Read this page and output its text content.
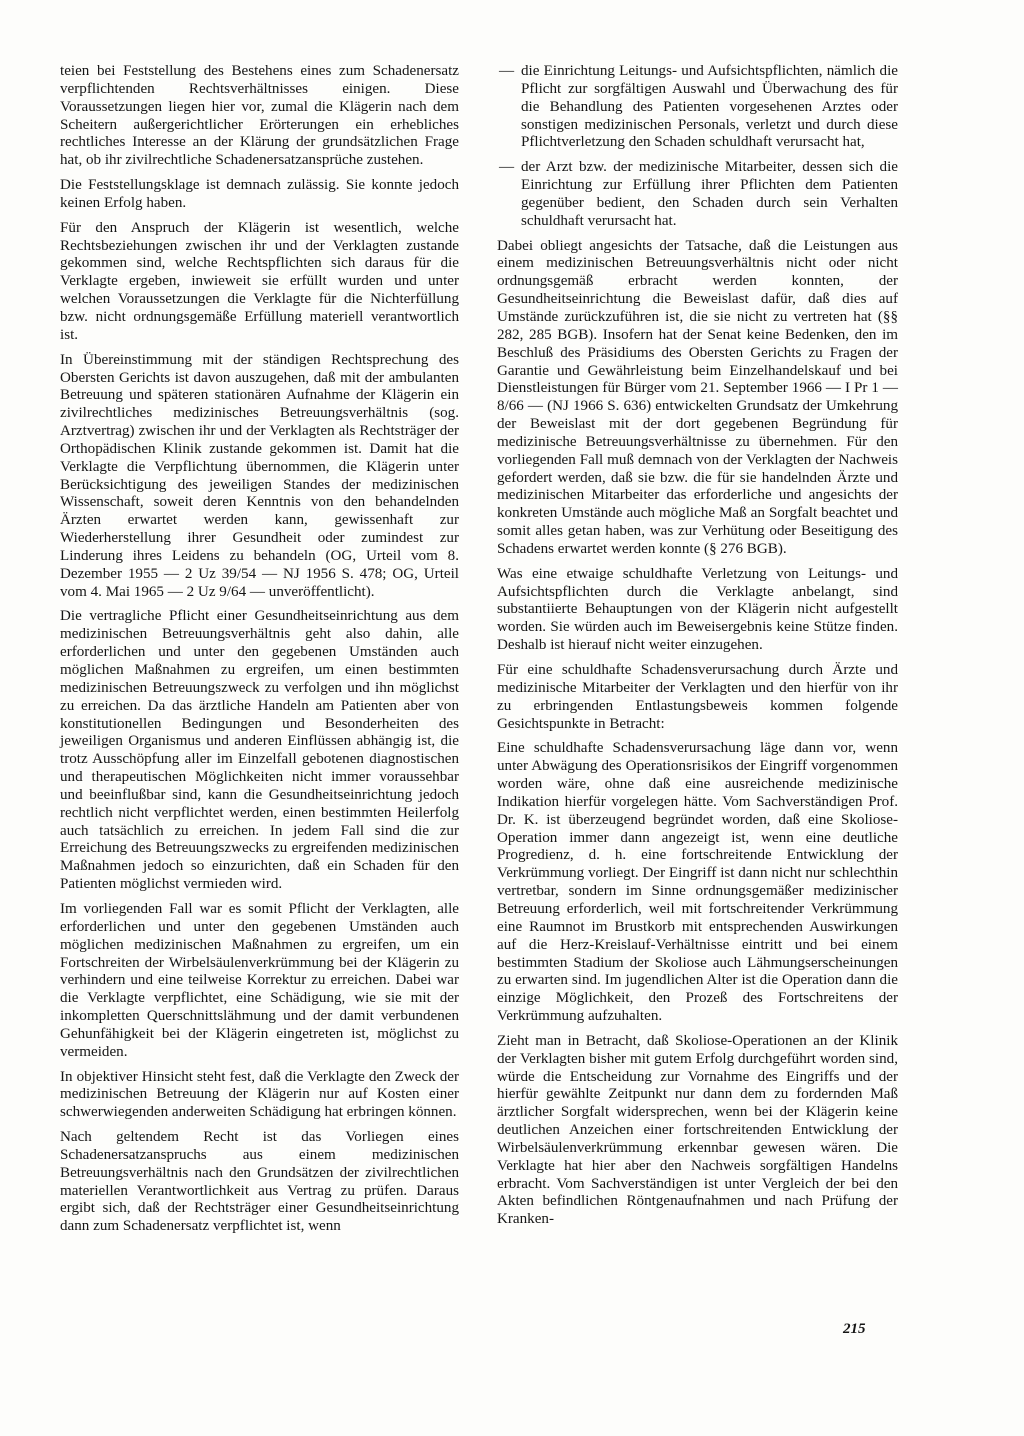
teien bei Feststellung des Bestehens eines zum Schadenersatz verpflichtenden Rechtsverhältnisses einigen. Diese Voraussetzungen liegen hier vor, zumal die Klägerin nach dem Scheitern außergerichtlicher Erörterungen ein erhebliches rechtliches Interesse an der Klärung der grundsätzlichen Frage hat, ob ihr zivilrechtliche Schadenersatzansprüche zustehen.

Die Feststellungsklage ist demnach zulässig. Sie konnte jedoch keinen Erfolg haben.

Für den Anspruch der Klägerin ist wesentlich, welche Rechtsbeziehungen zwischen ihr und der Verklagten zustande gekommen sind, welche Rechtspflichten sich daraus für die Verklagte ergeben, inwieweit sie erfüllt wurden und unter welchen Voraussetzungen die Verklagte für die Nichterfüllung bzw. nicht ordnungsgemäße Erfüllung materiell verantwortlich ist.

In Übereinstimmung mit der ständigen Rechtsprechung des Obersten Gerichts ist davon auszugehen, daß mit der ambulanten Betreuung und späteren stationären Aufnahme der Klägerin ein zivilrechtliches medizinisches Betreuungsverhältnis (sog. Arztvertrag) zwischen ihr und der Verklagten als Rechtsträger der Orthopädischen Klinik zustande gekommen ist. Damit hat die Verklagte die Verpflichtung übernommen, die Klägerin unter Berücksichtigung des jeweiligen Standes der medizinischen Wissenschaft, soweit deren Kenntnis von den behandelnden Ärzten erwartet werden kann, gewissenhaft zur Wiederherstellung ihrer Gesundheit oder zumindest zur Linderung ihres Leidens zu behandeln (OG, Urteil vom 8. Dezember 1955 — 2 Uz 39/54 — NJ 1956 S. 478; OG, Urteil vom 4. Mai 1965 — 2 Uz 9/64 — unveröffentlicht).

Die vertragliche Pflicht einer Gesundheitseinrichtung aus dem medizinischen Betreuungsverhältnis geht also dahin, alle erforderlichen und unter den gegebenen Umständen auch möglichen Maßnahmen zu ergreifen, um einen bestimmten medizinischen Betreuungszweck zu verfolgen und ihn möglichst zu erreichen. Da das ärztliche Handeln am Patienten aber von konstitutionellen Bedingungen und Besonderheiten des jeweiligen Organismus und anderen Einflüssen abhängig ist, die trotz Ausschöpfung aller im Einzelfall gebotenen diagnostischen und therapeutischen Möglichkeiten nicht immer voraussehbar und beeinflußbar sind, kann die Gesundheitseinrichtung jedoch rechtlich nicht verpflichtet werden, einen bestimmten Heilerfolg auch tatsächlich zu erreichen. In jedem Fall sind die zur Erreichung des Betreuungszwecks zu ergreifenden medizinischen Maßnahmen jedoch so einzurichten, daß ein Schaden für den Patienten möglichst vermieden wird.

Im vorliegenden Fall war es somit Pflicht der Verklagten, alle erforderlichen und unter den gegebenen Umständen auch möglichen medizinischen Maßnahmen zu ergreifen, um ein Fortschreiten der Wirbelsäulenverkrümmung bei der Klägerin zu verhindern und eine teilweise Korrektur zu erreichen. Dabei war die Verklagte verpflichtet, eine Schädigung, wie sie mit der inkompletten Querschnittslähmung und der damit verbundenen Gehunfähigkeit bei der Klägerin eingetreten ist, möglichst zu vermeiden.

In objektiver Hinsicht steht fest, daß die Verklagte den Zweck der medizinischen Betreuung der Klägerin nur auf Kosten einer schwerwiegenden anderweiten Schädigung hat erbringen können.

Nach geltendem Recht ist das Vorliegen eines Schadenersatzanspruchs aus einem medizinischen Betreuungsverhältnis nach den Grundsätzen der zivilrechtlichen materiellen Verantwortlichkeit aus Vertrag zu prüfen. Daraus ergibt sich, daß der Rechtsträger einer Gesundheitseinrichtung dann zum Schadenersatz verpflichtet ist, wenn

— die Einrichtung Leitungs- und Aufsichtspflichten, nämlich die Pflicht zur sorgfältigen Auswahl und Überwachung des für die Behandlung des Patienten vorgesehenen Arztes oder sonstigen medizinischen Personals, verletzt und durch diese Pflichtverletzung den Schaden schuldhaft verursacht hat,
— der Arzt bzw. der medizinische Mitarbeiter, dessen sich die Einrichtung zur Erfüllung ihrer Pflichten dem Patienten gegenüber bedient, den Schaden durch sein Verhalten schuldhaft verursacht hat.

Dabei obliegt angesichts der Tatsache, daß die Leistungen aus einem medizinischen Betreuungsverhältnis nicht oder nicht ordnungsgemäß erbracht werden konnten, der Gesundheitseinrichtung die Beweislast dafür, daß dies auf Umstände zurückzuführen ist, die sie nicht zu vertreten hat (§§ 282, 285 BGB). Insofern hat der Senat keine Bedenken, den im Beschluß des Präsidiums des Obersten Gerichts zu Fragen der Garantie und Gewährleistung beim Einzelhandelskauf und bei Dienstleistungen für Bürger vom 21. September 1966 — I Pr 1 — 8/66 — (NJ 1966 S. 636) entwickelten Grundsatz der Umkehrung der Beweislast mit der dort gegebenen Begründung für medizinische Betreuungsverhältnisse zu übernehmen. Für den vorliegenden Fall muß demnach von der Verklagten der Nachweis gefordert werden, daß sie bzw. die für sie handelnden Ärzte und medizinischen Mitarbeiter das erforderliche und angesichts der konkreten Umstände auch mögliche Maß an Sorgfalt beachtet und somit alles getan haben, was zur Verhütung oder Beseitigung des Schadens erwartet werden konnte (§ 276 BGB).

Was eine etwaige schuldhafte Verletzung von Leitungs- und Aufsichtspflichten durch die Verklagte anbelangt, sind substantiierte Behauptungen von der Klägerin nicht aufgestellt worden. Sie würden auch im Beweisergebnis keine Stütze finden. Deshalb ist hierauf nicht weiter einzugehen.

Für eine schuldhafte Schadensverursachung durch Ärzte und medizinische Mitarbeiter der Verklagten und den hierfür von ihr zu erbringenden Entlastungsbeweis kommen folgende Gesichtspunkte in Betracht:

Eine schuldhafte Schadensverursachung läge dann vor, wenn unter Abwägung des Operationsrisikos der Eingriff vorgenommen worden wäre, ohne daß eine ausreichende medizinische Indikation hierfür vorgelegen hätte. Vom Sachverständigen Prof. Dr. K. ist überzeugend begründet worden, daß eine Skoliose-Operation immer dann angezeigt ist, wenn eine deutliche Progredienz, d. h. eine fortschreitende Entwicklung der Verkrümmung vorliegt. Der Eingriff ist dann nicht nur schlechthin vertretbar, sondern im Sinne ordnungsgemäßer medizinischer Betreuung erforderlich, weil mit fortschreitender Verkrümmung eine Raumnot im Brustkorb mit entsprechenden Auswirkungen auf die Herz-Kreislauf-Verhältnisse eintritt und bei einem bestimmten Stadium der Skoliose auch Lähmungserscheinungen zu erwarten sind. Im jugendlichen Alter ist die Operation dann die einzige Möglichkeit, den Prozeß des Fortschreitens der Verkrümmung aufzuhalten.

Zieht man in Betracht, daß Skoliose-Operationen an der Klinik der Verklagten bisher mit gutem Erfolg durchgeführt worden sind, würde die Entscheidung zur Vornahme des Eingriffs und der hierfür gewählte Zeitpunkt nur dann dem zu fordernden Maß ärztlicher Sorgfalt widersprechen, wenn bei der Klägerin keine deutlichen Anzeichen einer fortschreitenden Entwicklung der Wirbelsäulenverkrümmung erkennbar gewesen wären. Die Verklagte hat hier aber den Nachweis sorgfältigen Handelns erbracht. Vom Sachverständigen ist unter Vergleich der bei den Akten befindlichen Röntgenaufnahmen und nach Prüfung der Kranken-

215
